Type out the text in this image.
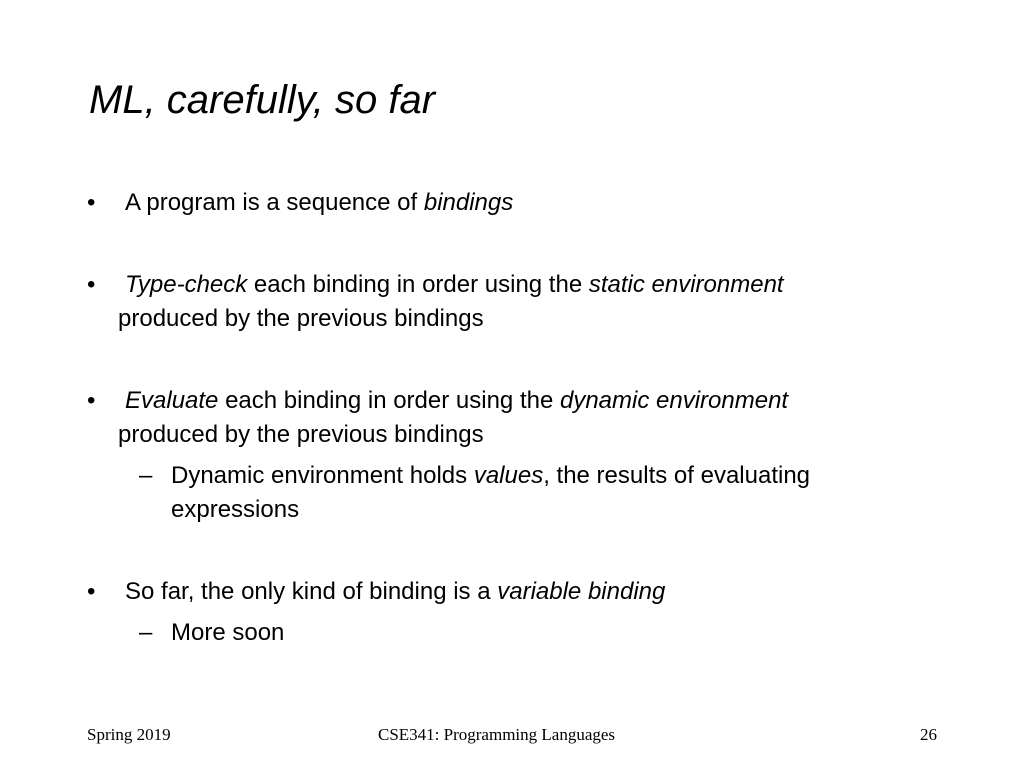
ML, carefully, so far
• A program is a sequence of bindings
• Type-check each binding in order using the static environment
produced by the previous bindings
• Evaluate each binding in order using the dynamic environment
produced by the previous bindings
– Dynamic environment holds values, the results of evaluating expressions
• So far, the only kind of binding is a variable binding
– More soon
Spring 2019	CSE341: Programming Languages	26
